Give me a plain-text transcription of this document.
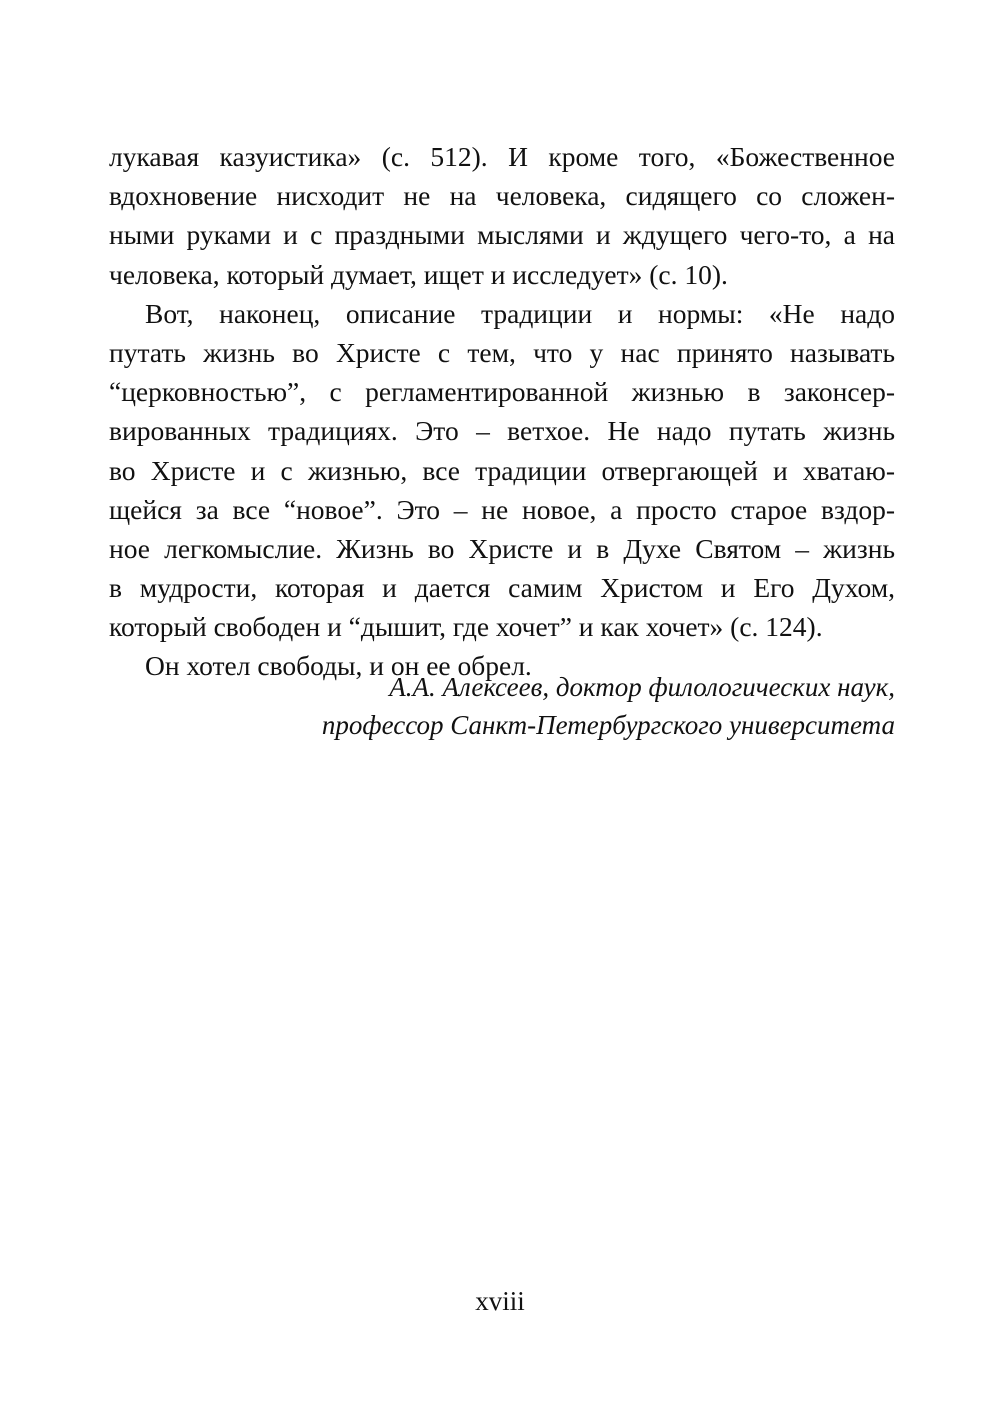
лукавая казуистика» (с. 512). И кроме того, «Божественное
вдохновение нисходит не на человека, сидящего со сложен-
ными руками и с праздными мыслями и ждущего чего-то, а на
человека, который думает, ищет и исследует» (с. 10).
Вот, наконец, описание традиции и нормы: «Не надо
путать жизнь во Христе с тем, что у нас принято называть
“церковностью”, с регламентированной жизнью в законсер-
вированных традициях. Это – ветхое. Не надо путать жизнь
во Христе и с жизнью, все традиции отвергающей и хватаю-
щейся за все “новое”. Это – не новое, а просто старое вздор-
ное легкомыслие. Жизнь во Христе и в Духе Святом – жизнь
в мудрости, которая и дается самим Христом и Его Духом,
который свободен и “дышит, где хочет” и как хочет» (с. 124).
Он хотел свободы, и он ее обрел.
А.А. Алексеев, доктор филологических наук,
профессор Санкт-Петербургского университета
xviii
